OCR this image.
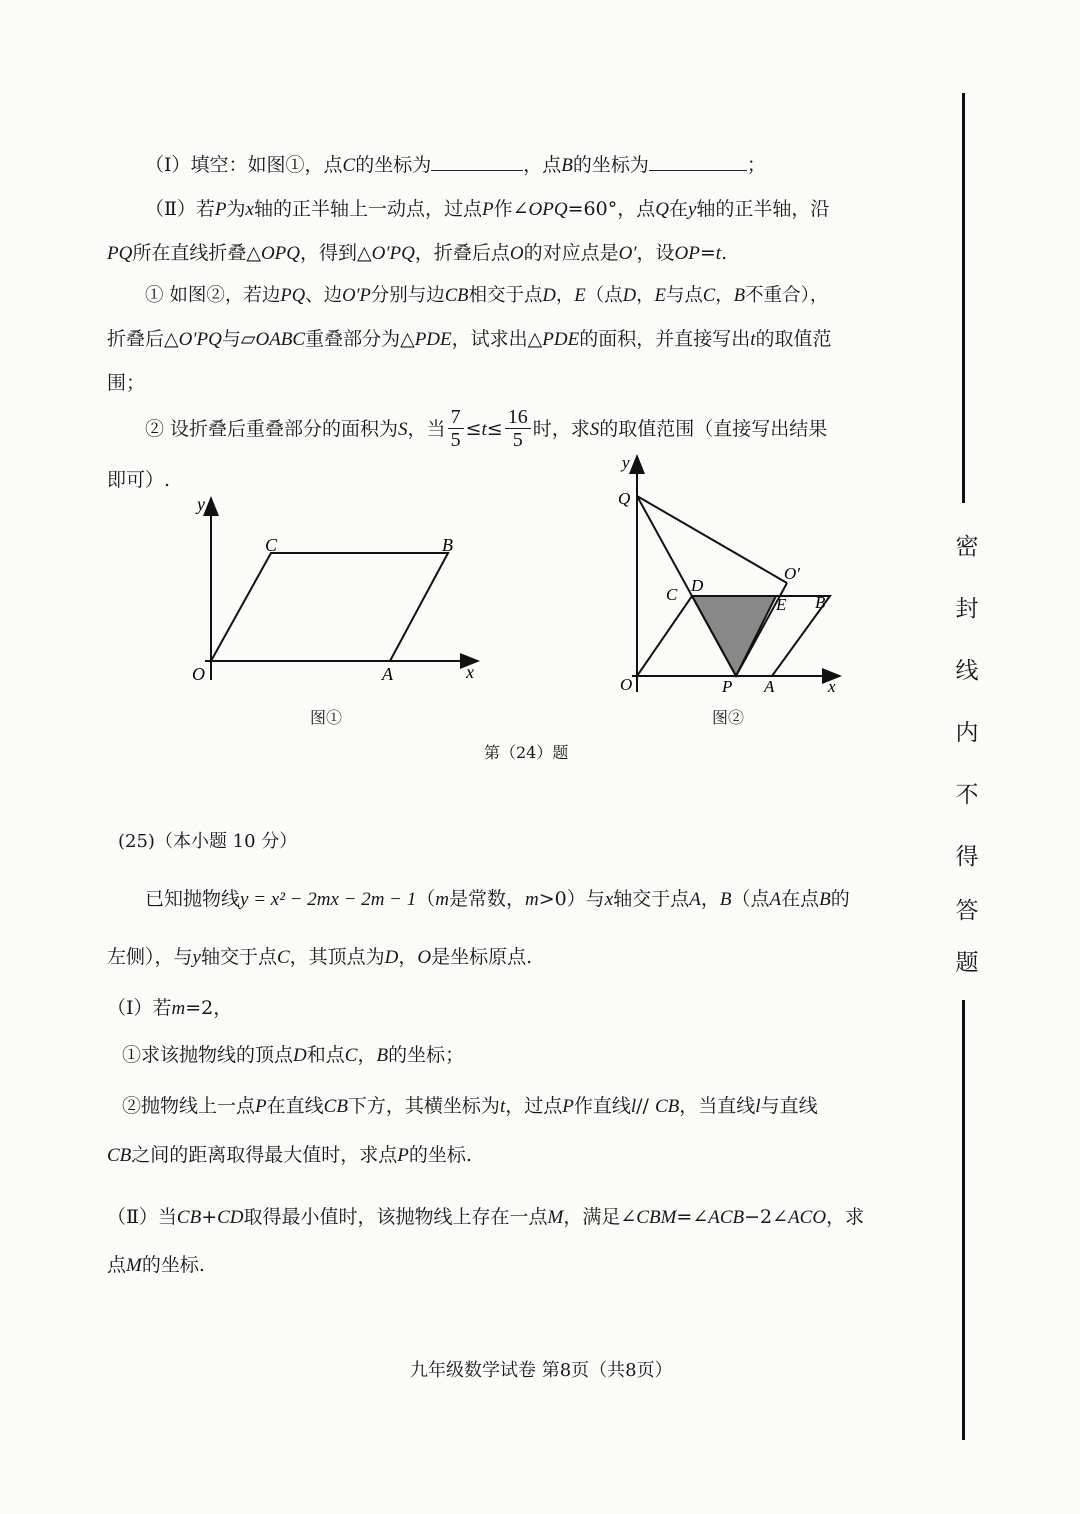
（Ⅰ）填空：如图①，点C的坐标为	，点B的坐标为	；
（Ⅱ）若P为x轴的正半轴上一动点，过点P作∠OPQ=60°，点Q在y轴的正半轴，沿
PQ所在直线折叠△OPQ，得到△O′PQ，折叠后点O的对应点是O′，设OP=t.
① 如图②，若边PQ、边O′P分别与边CB相交于点D，E（点D，E与点C，B不重合），
折叠后△O′PQ与▱OABC重叠部分为△PDE，试求出△PDE的面积，并直接写出t的取值范
围；
② 设折叠后重叠部分的面积为S，当 $\frac{7}{5} \le t\le \frac{16}{5}$ 时，求S的取值范围（直接写出结果
即可）.
y
x
O	A
B
C
图①
y
Q
O′
C D
E B
O	P A	x
图②
第（24）题
(25)（本小题 10 分）
已知抛物线y = x² − 2mx − 2m − 1（m是常数，m>0）与x轴交于点A，B（点A在点B的
左侧），与y轴交于点C，其顶点为D，O是坐标原点.
（Ⅰ）若m=2，
①求该抛物线的顶点D和点C，B的坐标；
②抛物线上一点P在直线CB下方，其横坐标为t，过点P作直线l// CB，当直线l与直线
CB之间的距离取得最大值时，求点P的坐标.
（Ⅱ）当CB+CD取得最小值时，该抛物线上存在一点M，满足∠CBM=∠ACB−2∠ACO，求
点M的坐标.
九年级数学试卷 第8页（共8页）
密
封
线
内
不
得
答
题
